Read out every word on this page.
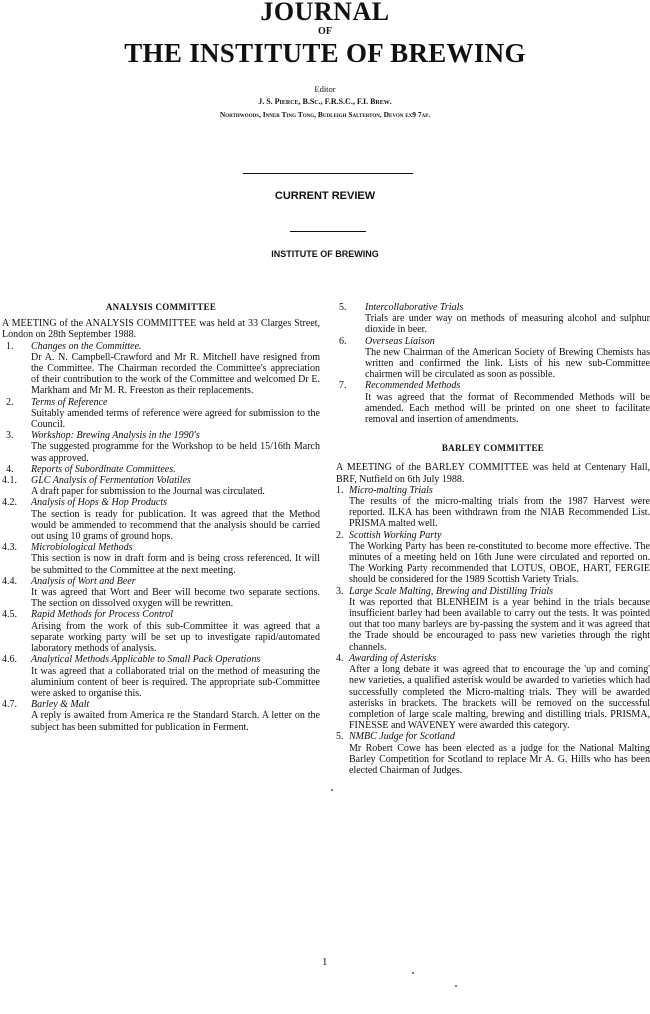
JOURNAL
OF
THE INSTITUTE OF BREWING
Editor
J. S. Pierce, B.Sc., F.R.S.C., F.I. Brew.
Northwoods, Inner Ting Tong, Budleigh Salterton, Devon ex9 7ap.
CURRENT REVIEW
INSTITUTE OF BREWING
ANALYSIS COMMITTEE

A MEETING of the ANALYSIS COMMITTEE was held at 33 Clarges Street, London on 28th September 1988.

1.	Changes on the Committee.
Dr A. N. Campbell-Crawford and Mr R. Mitchell have resigned from the Committee. The Chairman recorded the Committee's appreciation of their contribution to the work of the Committee and welcomed Dr E. Markham and Mr M. R. Freeston as their replacements.
2.	Terms of Reference
Suitably amended terms of reference were agreed for submission to the Council.
3.	Workshop: Brewing Analysis in the 1990's
The suggested programme for the Workshop to be held 15/16th March was approved.
4.	Reports of Subordinate Committees.
4.1.	GLC Analysis of Fermentation Volatiles
A draft paper for submission to the Journal was circulated.
4.2.	Analysis of Hops & Hop Products
The section is ready for publication. It was agreed that the Method would be ammended to recommend that the analysis should be carried out using 10 grams of ground hops.
4.3.	Microbiological Methods
This section is now in draft form and is being cross referenced. It will be submitted to the Committee at the next meeting.
4.4.	Analysis of Wort and Beer
It was agreed that Wort and Beer will become two separate sections. The section on dissolved oxygen will be rewritten.
4.5.	Rapid Methods for Process Control
Arising from the work of this sub-Committee it was agreed that a separate working party will be set up to investigate rapid/automated laboratory methods of analysis.
4.6.	Analytical Methods Applicable to Small Pack Operations
It was agreed that a collaborated trial on the method of measuring the aluminium content of beer is required. The appropriate sub-Committee were asked to organise this.
4.7.	Barley & Malt
A reply is awaited from America re the Standard Starch. A letter on the subject has been submitted for publication in Ferment.
5.	Intercollaborative Trials
Trials are under way on methods of measuring alcohol and sulphur dioxide in beer.
6.	Overseas Liaison
The new Chairman of the American Society of Brewing Chemists has written and confirmed the link. Lists of his new sub-Committee chairmen will be circulated as soon as possible.
7.	Recommended Methods
It was agreed that the format of Recommended Methods will be amended. Each method will be printed on one sheet to facilitate removal and insertion of amendments.
BARLEY COMMITTEE

A MEETING of the BARLEY COMMITTEE was held at Centenary Hall, BRF, Nutfield on 6th July 1988.

1. Micro-malting Trials
The results of the micro-malting trials from the 1987 Harvest were reported. ILKA has been withdrawn from the NIAB Recommended List. PRISMA malted well.
2. Scottish Working Party
The Working Party has been re-constituted to become more effective. The minutes of a meeting held on 16th June were circulated and reported on. The Working Party recommended that LOTUS, OBOE, HART, FERGIE should be considered for the 1989 Scottish Variety Trials.
3. Large Scale Malting, Brewing and Distilling Trials
It was reported that BLENHEIM is a year behind in the trials because insufficient barley had been available to carry out the tests. It was pointed out that too many barleys are by-passing the system and it was agreed that the Trade should be encouraged to pass new varieties through the right channels.
4. Awarding of Asterisks
After a long debate it was agreed that to encourage the 'up and coming' new varieties, a qualified asterisk would be awarded to varieties which had successfully completed the Micro-malting trials. They will be awarded asterisks in brackets. The brackets will be removed on the successful completion of large scale malting, brewing and distilling trials. PRISMA, FINESSE and WAVENEY were awarded this category.
5. NMBC Judge for Scotland
Mr Robert Cowe has been elected as a judge for the National Malting Barley Competition for Scotland to replace Mr A. G. Hills who has been elected Chairman of Judges.
1
